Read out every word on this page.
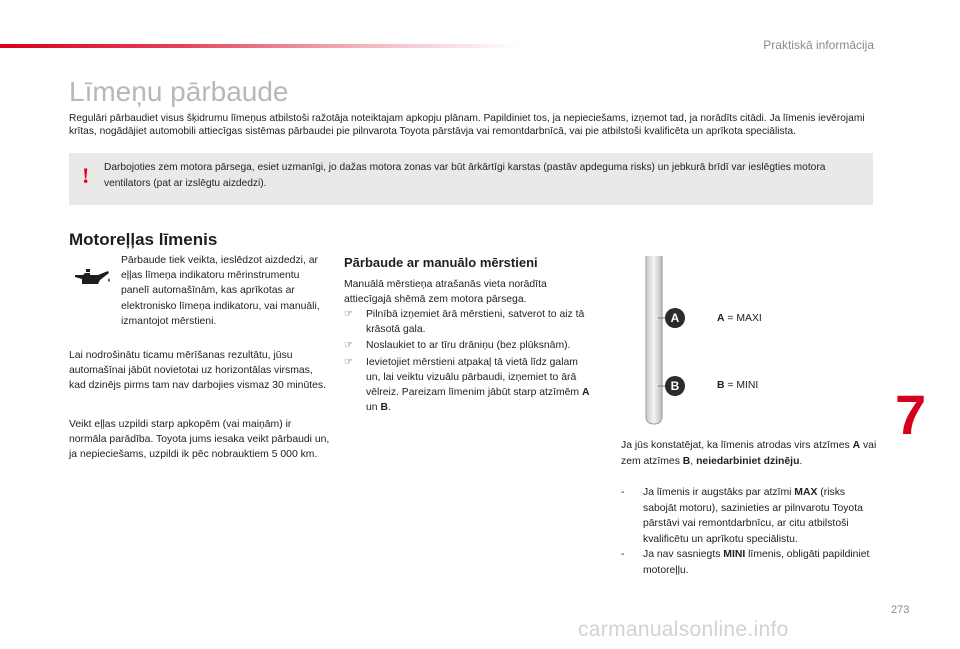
Praktiskā informācija
Līmeņu pārbaude
Regulāri pārbaudiet visus šķidrumu līmeņus atbilstoši ražotāja noteiktajam apkopju plānam. Papildiniet tos, ja nepieciešams, izņemot tad, ja norādīts citādi. Ja līmenis ievērojami krītas, nogādājiet automobili attiecīgas sistēmas pārbaudei pie pilnvarota Toyota pārstāvja vai remontdarbnīcā, vai pie atbilstoši kvalificēta un aprīkota speciālista.
! Darbojoties zem motora pārsega, esiet uzmanīgi, jo dažas motora zonas var būt ārkārtīgi karstas (pastāv apdeguma risks) un jebkurā brīdī var ieslēgties motora ventilators (pat ar izslēgtu aizdedzi).
Motoreļļas līmenis
Pārbaude tiek veikta, ieslēdzot aizdedzi, ar eļļas līmeņa indikatoru mērinstrumentu panelī automašīnām, kas aprīkotas ar elektronisko līmeņa indikatoru, vai manuāli, izmantojot mērstieni.
Lai nodrošinātu ticamu mērīšanas rezultātu, jūsu automašīnai jābūt novietotai uz horizontālas virsmas, kad dzinējs pirms tam nav darbojies vismaz 30 minūtes.
Veikt eļļas uzpildi starp apkopēm (vai maiņām) ir normāla parādība. Toyota jums iesaka veikt pārbaudi un, ja nepieciešams, uzpildi ik pēc nobrauktiem 5 000 km.
Pārbaude ar manuālo mērstieni
Manuālā mērstieņa atrašanās vieta norādīta attiecīgajā shēmā zem motora pārsega.
☞ Pilnībā izņemiet ārā mērstieni, satverot to aiz tā krāsotā gala.
☞ Noslaukiet to ar tīru drāniņu (bez plūksnām).
☞ Ievietojiet mērstieni atpakaļ tā vietā līdz galam un, lai veiktu vizuālu pārbaudi, izņemiet to ārā vēlreiz. Pareizam līmenim jābūt starp atzīmēm A un B.
A
B
A = MAXI
B = MINI
Ja jūs konstatējat, ka līmenis atrodas virs atzīmes A vai zem atzīmes B, neiedarbiniet dzinēju.
- Ja līmenis ir augstāks par atzīmi MAX (risks sabojāt motoru), sazinieties ar pilnvarotu Toyota pārstāvi vai remontdarbnīcu, ar citu atbilstoši kvalificētu un aprīkotu speciālistu.
- Ja nav sasniegts MINI līmenis, obligāti papildiniet motoreļļu.
7
273
carmanualsonline.info
